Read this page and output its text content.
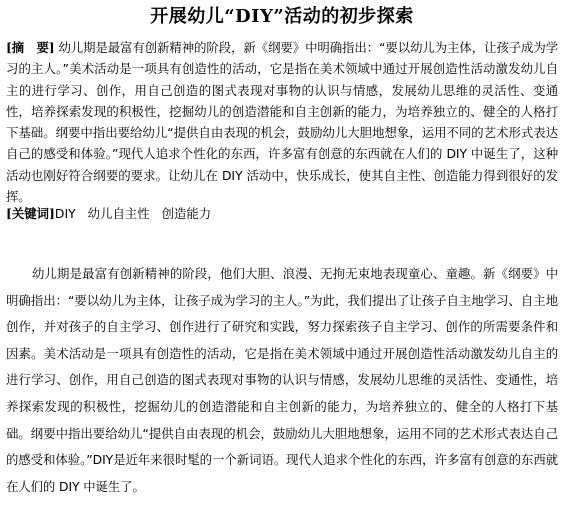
开展幼儿“DIY”活动的初步探索
[摘　要] 幼儿期是最富有创新精神的阶段，新《纲要》中明确指出：“要以幼儿为主体，让孩子成为学习的主人。”美术活动是一项具有创造性的活动，它是指在美术领域中通过开展创造性活动激发幼儿自主的进行学习、创作，用自己创造的图式表现对事物的认识与情感，发展幼儿思维的灵活性、变通性，培养探索发现的积极性，挖掘幼儿的创造潜能和自主创新的能力，为培养独立的、健全的人格打下基础。纲要中指出要给幼儿“提供自由表现的机会，鼓励幼儿大胆地想象，运用不同的艺术形式表达自己的感受和体验。”现代人追求个性化的东西，许多富有创意的东西就在人们的 DIY 中诞生了，这种活动也刚好符合纲要的要求。让幼儿在 DIY 活动中，快乐成长，使其自主性、创造能力得到很好的发挥。
[关键词]DIY 幼儿自主性 创造能力
幼儿期是最富有创新精神的阶段，他们大胆、浪漫、无拘无束地表现童心、童趣。新《纲要》中明确指出：“要以幼儿为主体，让孩子成为学习的主人。”为此，我们提出了让孩子自主地学习、自主地创作，并对孩子的自主学习、创作进行了研究和实践，努力探索孩子自主学习、创作的所需要条件和因素。美术活动是一项具有创造性的活动，它是指在美术领域中通过开展创造性活动激发幼儿自主的进行学习、创作，用自己创造的图式表现对事物的认识与情感，发展幼儿思维的灵活性、变通性，培养探索发现的积极性，挖掘幼儿的创造潜能和自主创新的能力，为培养独立的、健全的人格打下基础。纲要中指出要给幼儿“提供自由表现的机会，鼓励幼儿大胆地想象，运用不同的艺术形式表达自己的感受和体验。”DIY是近年来很时髦的一个新词语。现代人追求个性化的东西，许多富有创意的东西就在人们的 DIY 中诞生了。
